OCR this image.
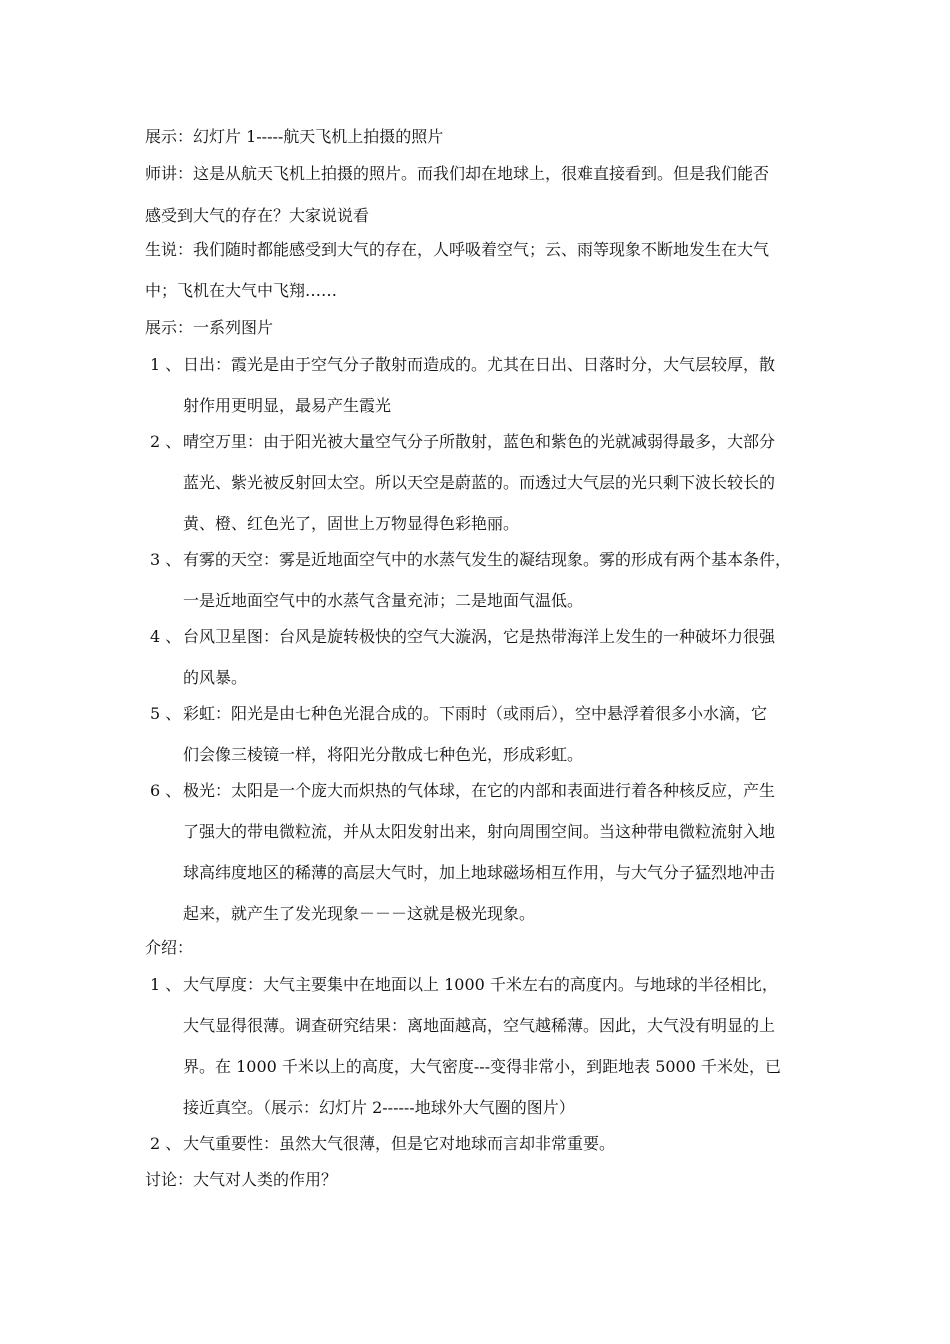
展示：幻灯片 1-----航天飞机上拍摄的照片
师讲：这是从航天飞机上拍摄的照片。而我们却在地球上，很难直接看到。但是我们能否
感受到大气的存在？大家说说看
生说：我们随时都能感受到大气的存在，人呼吸着空气；云、雨等现象不断地发生在大气
中；飞机在大气中飞翔……
展示：一系列图片
1 、 日出：霞光是由于空气分子散射而造成的。尤其在日出、日落时分，大气层较厚，散
射作用更明显，最易产生霞光
2 、 晴空万里：由于阳光被大量空气分子所散射，蓝色和紫色的光就减弱得最多，大部分
蓝光、紫光被反射回太空。所以天空是蔚蓝的。而透过大气层的光只剩下波长较长的
黄、橙、红色光了，固世上万物显得色彩艳丽。
3 、 有雾的天空：雾是近地面空气中的水蒸气发生的凝结现象。雾的形成有两个基本条件，
一是近地面空气中的水蒸气含量充沛；二是地面气温低。
4 、 台风卫星图：台风是旋转极快的空气大漩涡，它是热带海洋上发生的一种破坏力很强
的风暴。
5 、 彩虹：阳光是由七种色光混合成的。下雨时（或雨后），空中悬浮着很多小水滴，它
们会像三棱镜一样，将阳光分散成七种色光，形成彩虹。
6 、 极光：太阳是一个庞大而炽热的气体球，在它的内部和表面进行着各种核反应，产生
了强大的带电微粒流，并从太阳发射出来，射向周围空间。当这种带电微粒流射入地
球高纬度地区的稀薄的高层大气时，加上地球磁场相互作用，与大气分子猛烈地冲击
起来，就产生了发光现象－－－这就是极光现象。
介绍：
1 、 大气厚度：大气主要集中在地面以上 1000 千米左右的高度内。与地球的半径相比，
大气显得很薄。调查研究结果：离地面越高，空气越稀薄。因此，大气没有明显的上
界。在 1000 千米以上的高度，大气密度---变得非常小，到距地表 5000 千米处，已
接近真空。（展示：幻灯片 2------地球外大气圈的图片）
2 、 大气重要性：虽然大气很薄，但是它对地球而言却非常重要。
讨论：大气对人类的作用？
